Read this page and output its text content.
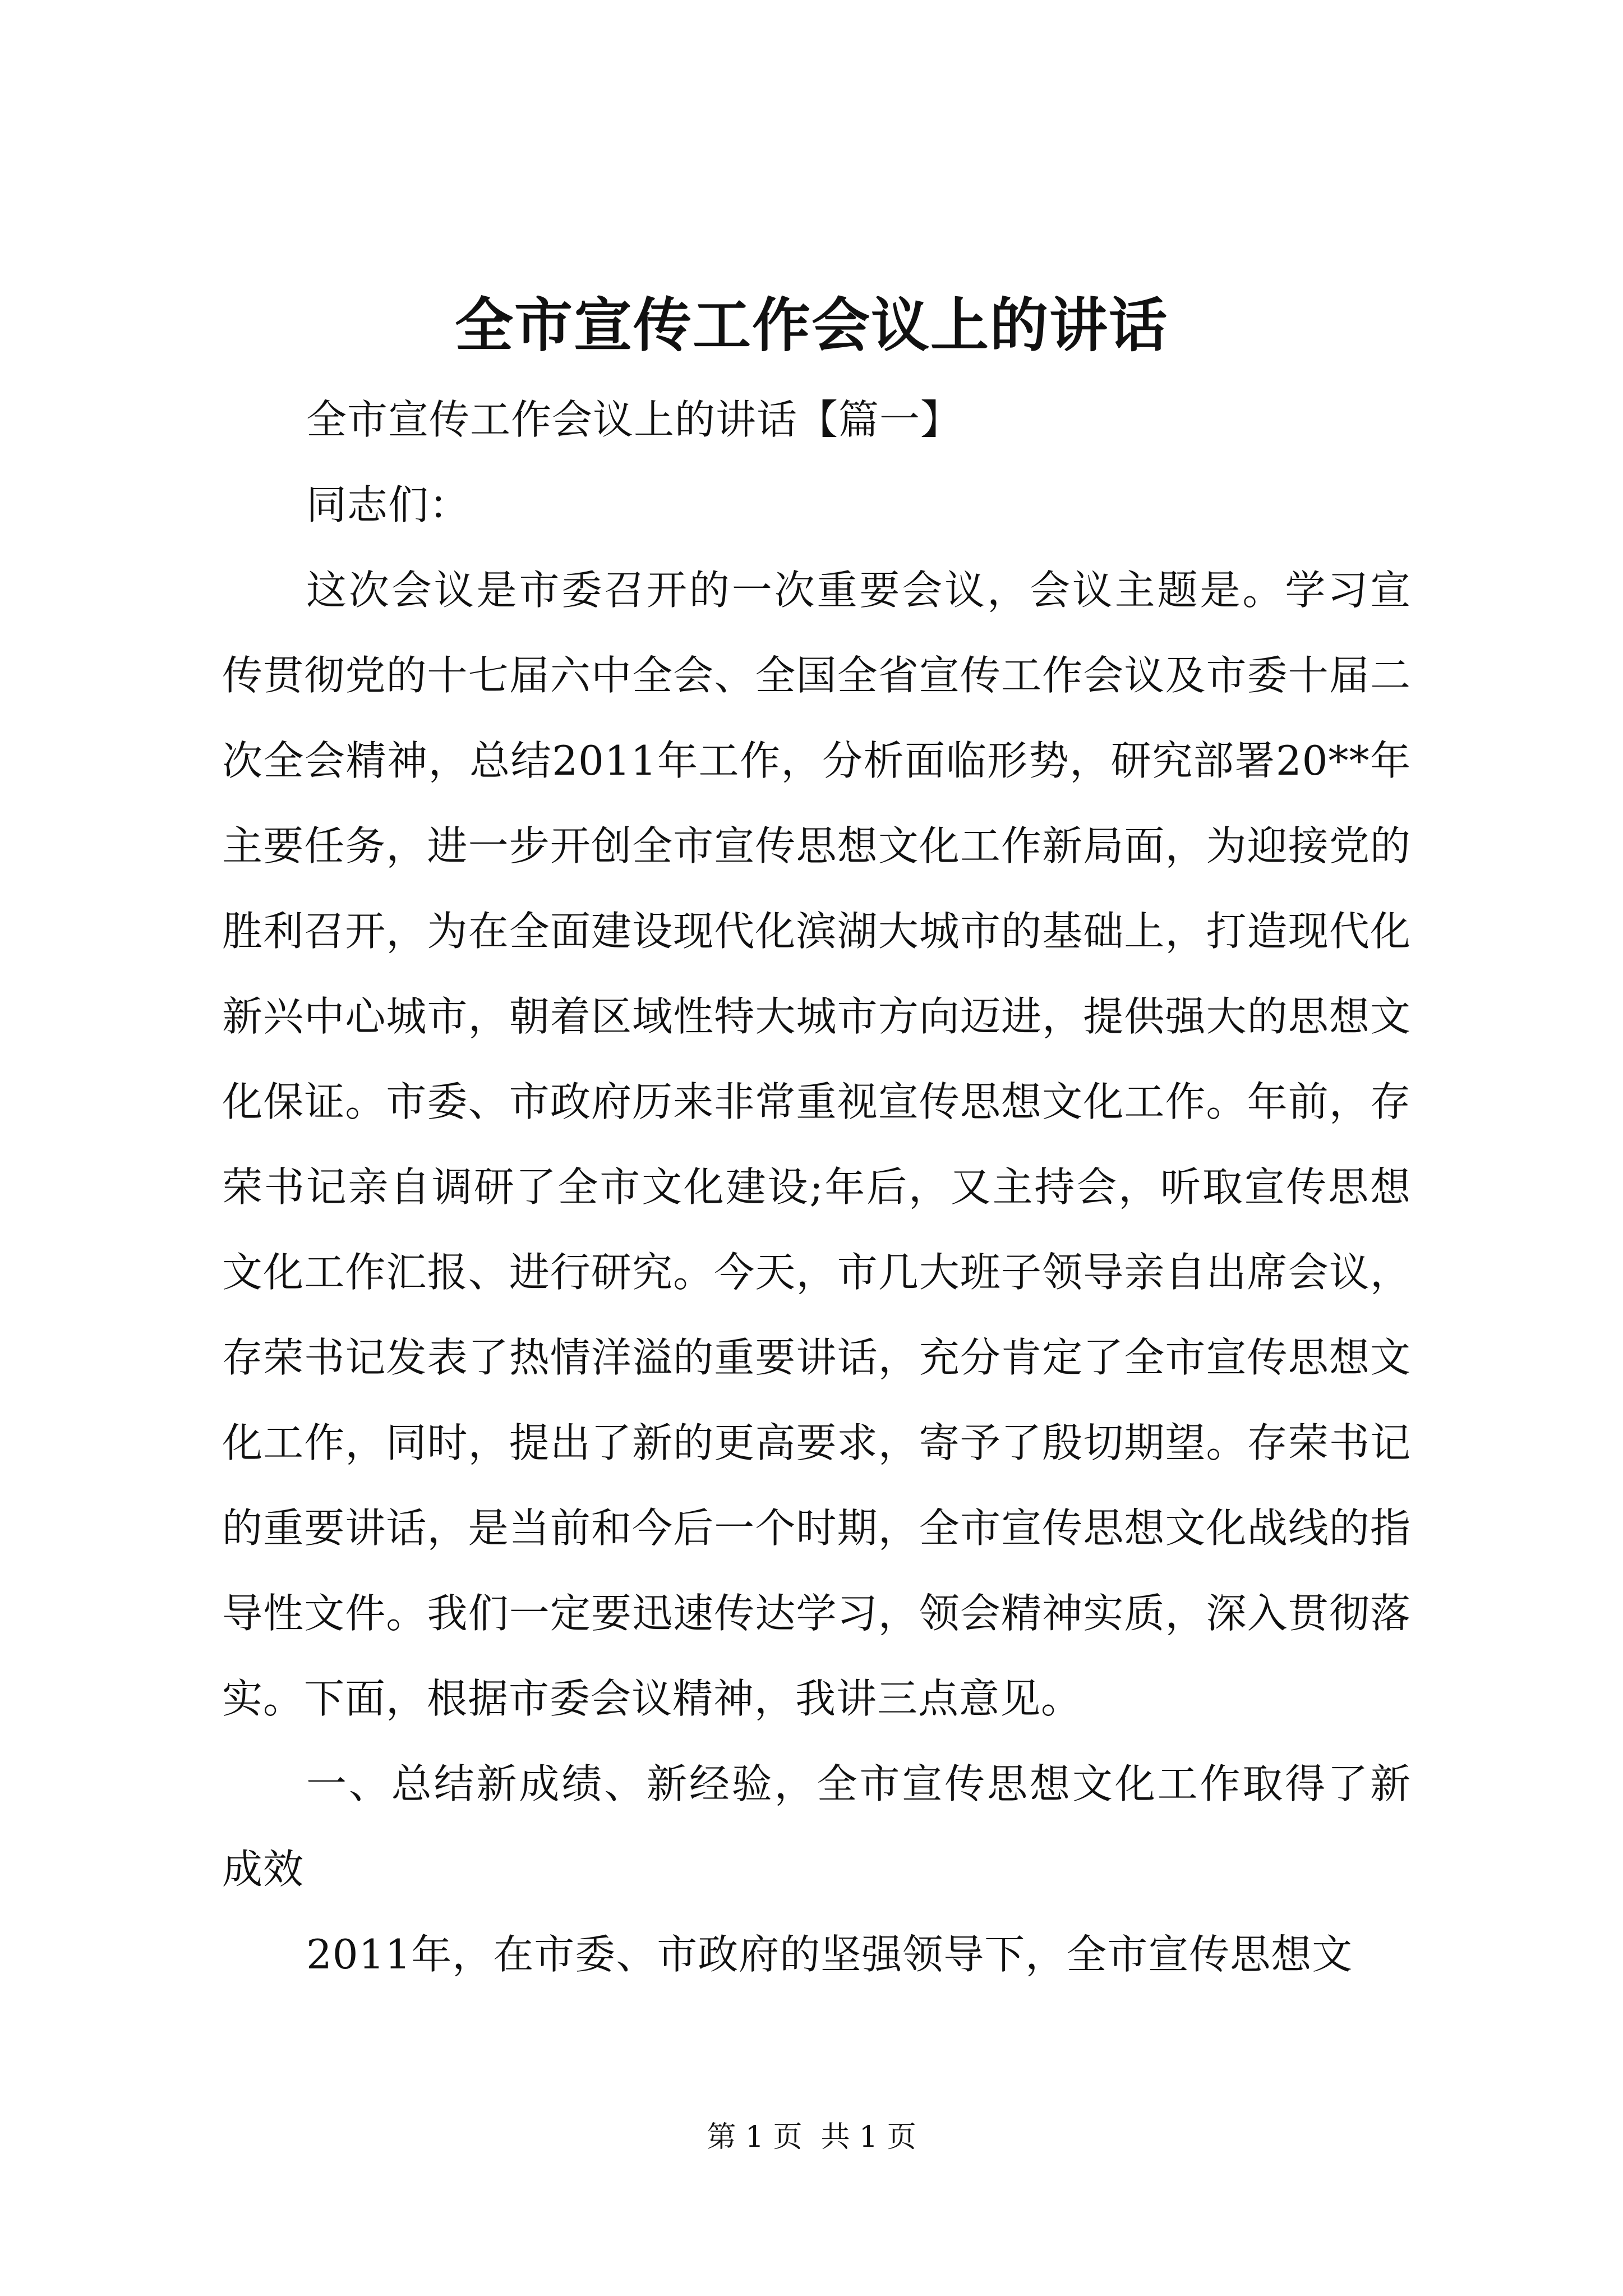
全市宣传工作会议上的讲话

全市宣传工作会议上的讲话【篇一】

同志们：

这次会议是市委召开的一次重要会议，会议主题是。学习宣传贯彻党的十七届六中全会、全国全省宣传工作会议及市委十届二次全会精神，总结2011年工作，分析面临形势，研究部署20**年主要任务，进一步开创全市宣传思想文化工作新局面，为迎接党的胜利召开，为在全面建设现代化滨湖大城市的基础上，打造现代化新兴中心城市，朝着区域性特大城市方向迈进，提供强大的思想文化保证。市委、市政府历来非常重视宣传思想文化工作。年前，存荣书记亲自调研了全市文化建设;年后，又主持会，听取宣传思想文化工作汇报、进行研究。今天，市几大班子领导亲自出席会议，存荣书记发表了热情洋溢的重要讲话，充分肯定了全市宣传思想文化工作，同时，提出了新的更高要求，寄予了殷切期望。存荣书记的重要讲话，是当前和今后一个时期，全市宣传思想文化战线的指导性文件。我们一定要迅速传达学习，领会精神实质，深入贯彻落实。下面，根据市委会议精神，我讲三点意见。

一、总结新成绩、新经验，全市宣传思想文化工作取得了新成效

2011年，在市委、市政府的坚强领导下，全市宣传思想文

第 1 页  共 1 页
